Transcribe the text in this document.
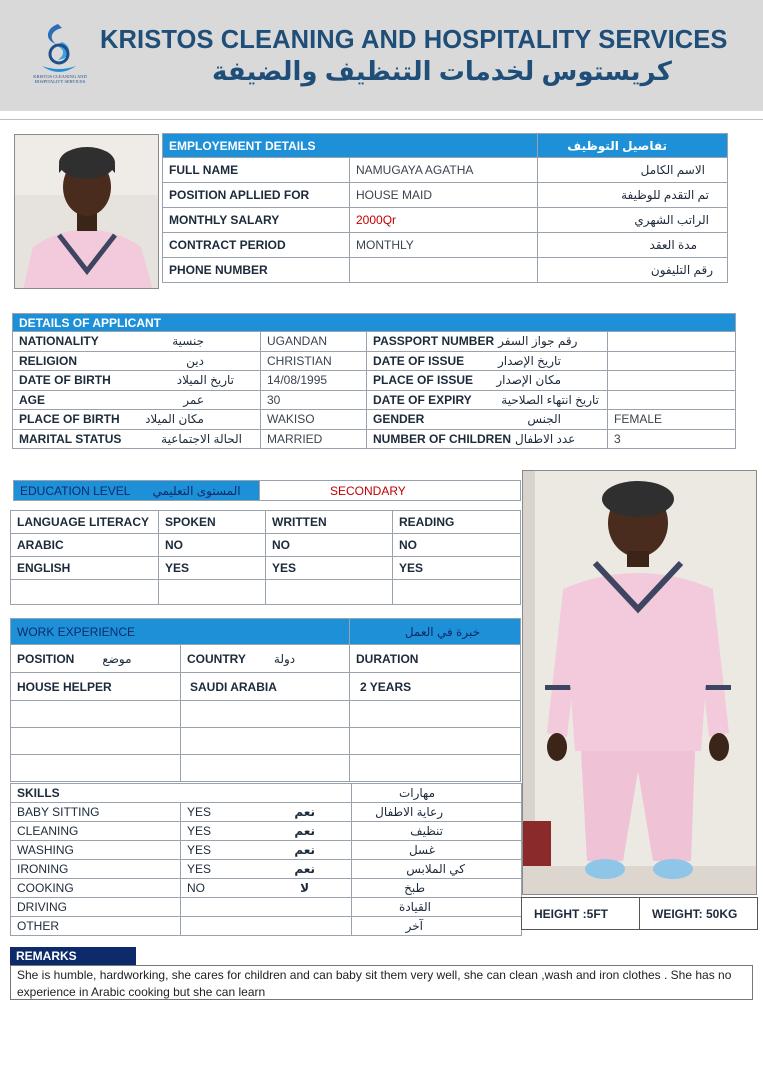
KRISTOS CLEANING AND HOSPITALITY SERVICES
KRISTOS CLEANING AND HOSPITALITY SERVICES
كريستوس لخدمات التنظيف والضيفة
EMPLOYEMENT DETAILS		تفاصيل التوظيف
FULL NAME	NAMUGAYA AGATHA	الاسم الكامل
POSITION APLLIED FOR	HOUSE MAID	تم التقدم للوظيفة
MONTHLY SALARY	2000Qr	الراتب الشهري
CONTRACT PERIOD	MONTHLY	مدة العقد
PHONE NUMBER		رقم التليفون
DETAILS OF APPLICANT			

NATIONALITY جنسية	UGANDAN	PASSPORT NUMBER رقم جواز السفر	

RELIGION دين	CHRISTIAN	DATE OF ISSUE تاريخ الإصدار	

DATE OF BIRTH تاريخ الميلاد	14/08/1995	PLACE OF ISSUE مكان الإصدار	

AGE عمر	30	DATE OF EXPIRY تاريخ انتهاء الصلاحية	

PLACE OF BIRTH مكان الميلاد	WAKISO	GENDER الجنس	FEMALE

MARITAL STATUS الحالة الاجتماعية	MARRIED	NUMBER OF CHILDREN عدد الاطفال	3
EDUCATION LEVEL المستوى التعليمي	SECONDARY
LANGUAGE LITERACY	SPOKEN	WRITTEN	READING
ARABIC	NO	NO	NO
ENGLISH	YES	YES	YES

WORK EXPERIENCE		خبرة في العمل

POSITION موضع	COUNTRY دولة	DURATION
HOUSE HELPER	SAUDI ARABIA	2 YEARS

SKILLS		مهارات
BABY SITTING	YES نعم	رعاية الاطفال
CLEANING	YES نعم	تنظيف
WASHING	YES نعم	غسل
IRONING	YES نعم	كي الملابس
COOKING	NO لا	طبخ
DRIVING		القيادة
OTHER		آخر
HEIGHT :5FT	WEIGHT: 50KG
REMARKS
She is humble, hardworking, she cares for children and can baby sit them very well, she can clean ,wash and iron clothes . She has no experience in Arabic cooking but she can learn
